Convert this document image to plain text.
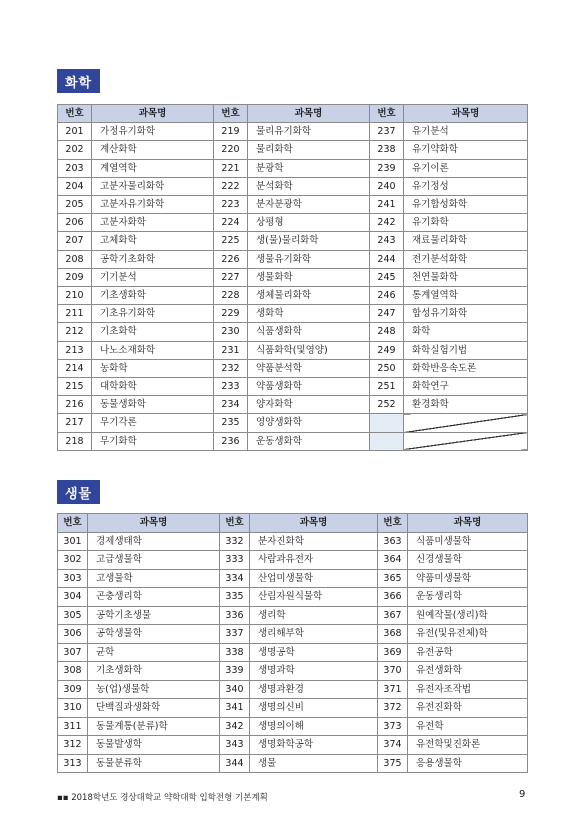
화학
번호	과목명	번호	과목명	번호	과목명
201	가정유기화학	219	물리유기화학	237	유기분석
202	계산화학	220	물리화학	238	유기약화학
203	계열역학	221	분광학	239	유기이론
204	고분자물리화학	222	분석화학	240	유기정성
205	고분자유기화학	223	분자분광학	241	유기합성화학
206	고분자화학	224	상평형	242	유기화학
207	고체화학	225	생(물)물리화학	243	재료물리화학
208	공학기초화학	226	생물유기화학	244	전기분석화학
209	기기분석	227	생물화학	245	천연물화학
210	기초생화학	228	생체물리화학	246	통계열역학
211	기초유기화학	229	생화학	247	합성유기화학
212	기초화학	230	식품생화학	248	화학
213	나노소재화학	231	식품화학(및영양)	249	화학실험기법
214	농화학	232	약품분석학	250	화학반응속도론
215	대학화학	233	약품생화학	251	화학연구
216	동물생화학	234	양자화학	252	환경화학
217	무기각론	235	영양생화학		
218	무기화학	236	운동생화학		
생물
번호	과목명	번호	과목명	번호	과목명
301	경제생태학	332	분자진화학	363	식품미생물학
302	고급생물학	333	사람과유전자	364	신경생물학
303	고생물학	334	산업미생물학	365	약품미생물학
304	곤충생리학	335	산림자원식물학	366	운동생리학
305	공학기초생물	336	생리학	367	원예작물(생리)학
306	공학생물학	337	생리해부학	368	유전(및유전체)학
307	균학	338	생명공학	369	유전공학
308	기초생화학	339	생명과학	370	유전생화학
309	농(업)생물학	340	생명과환경	371	유전자조작법
310	단백질과생화학	341	생명의신비	372	유전진화학
311	동물계통(분류)학	342	생명의이해	373	유전학
312	동물발생학	343	생명화학공학	374	유전학및진화론
313	동물분류학	344	생물	375	응용생물학
▪▪ 2018학년도 경상대학교 약학대학 입학전형 기본계획	9
